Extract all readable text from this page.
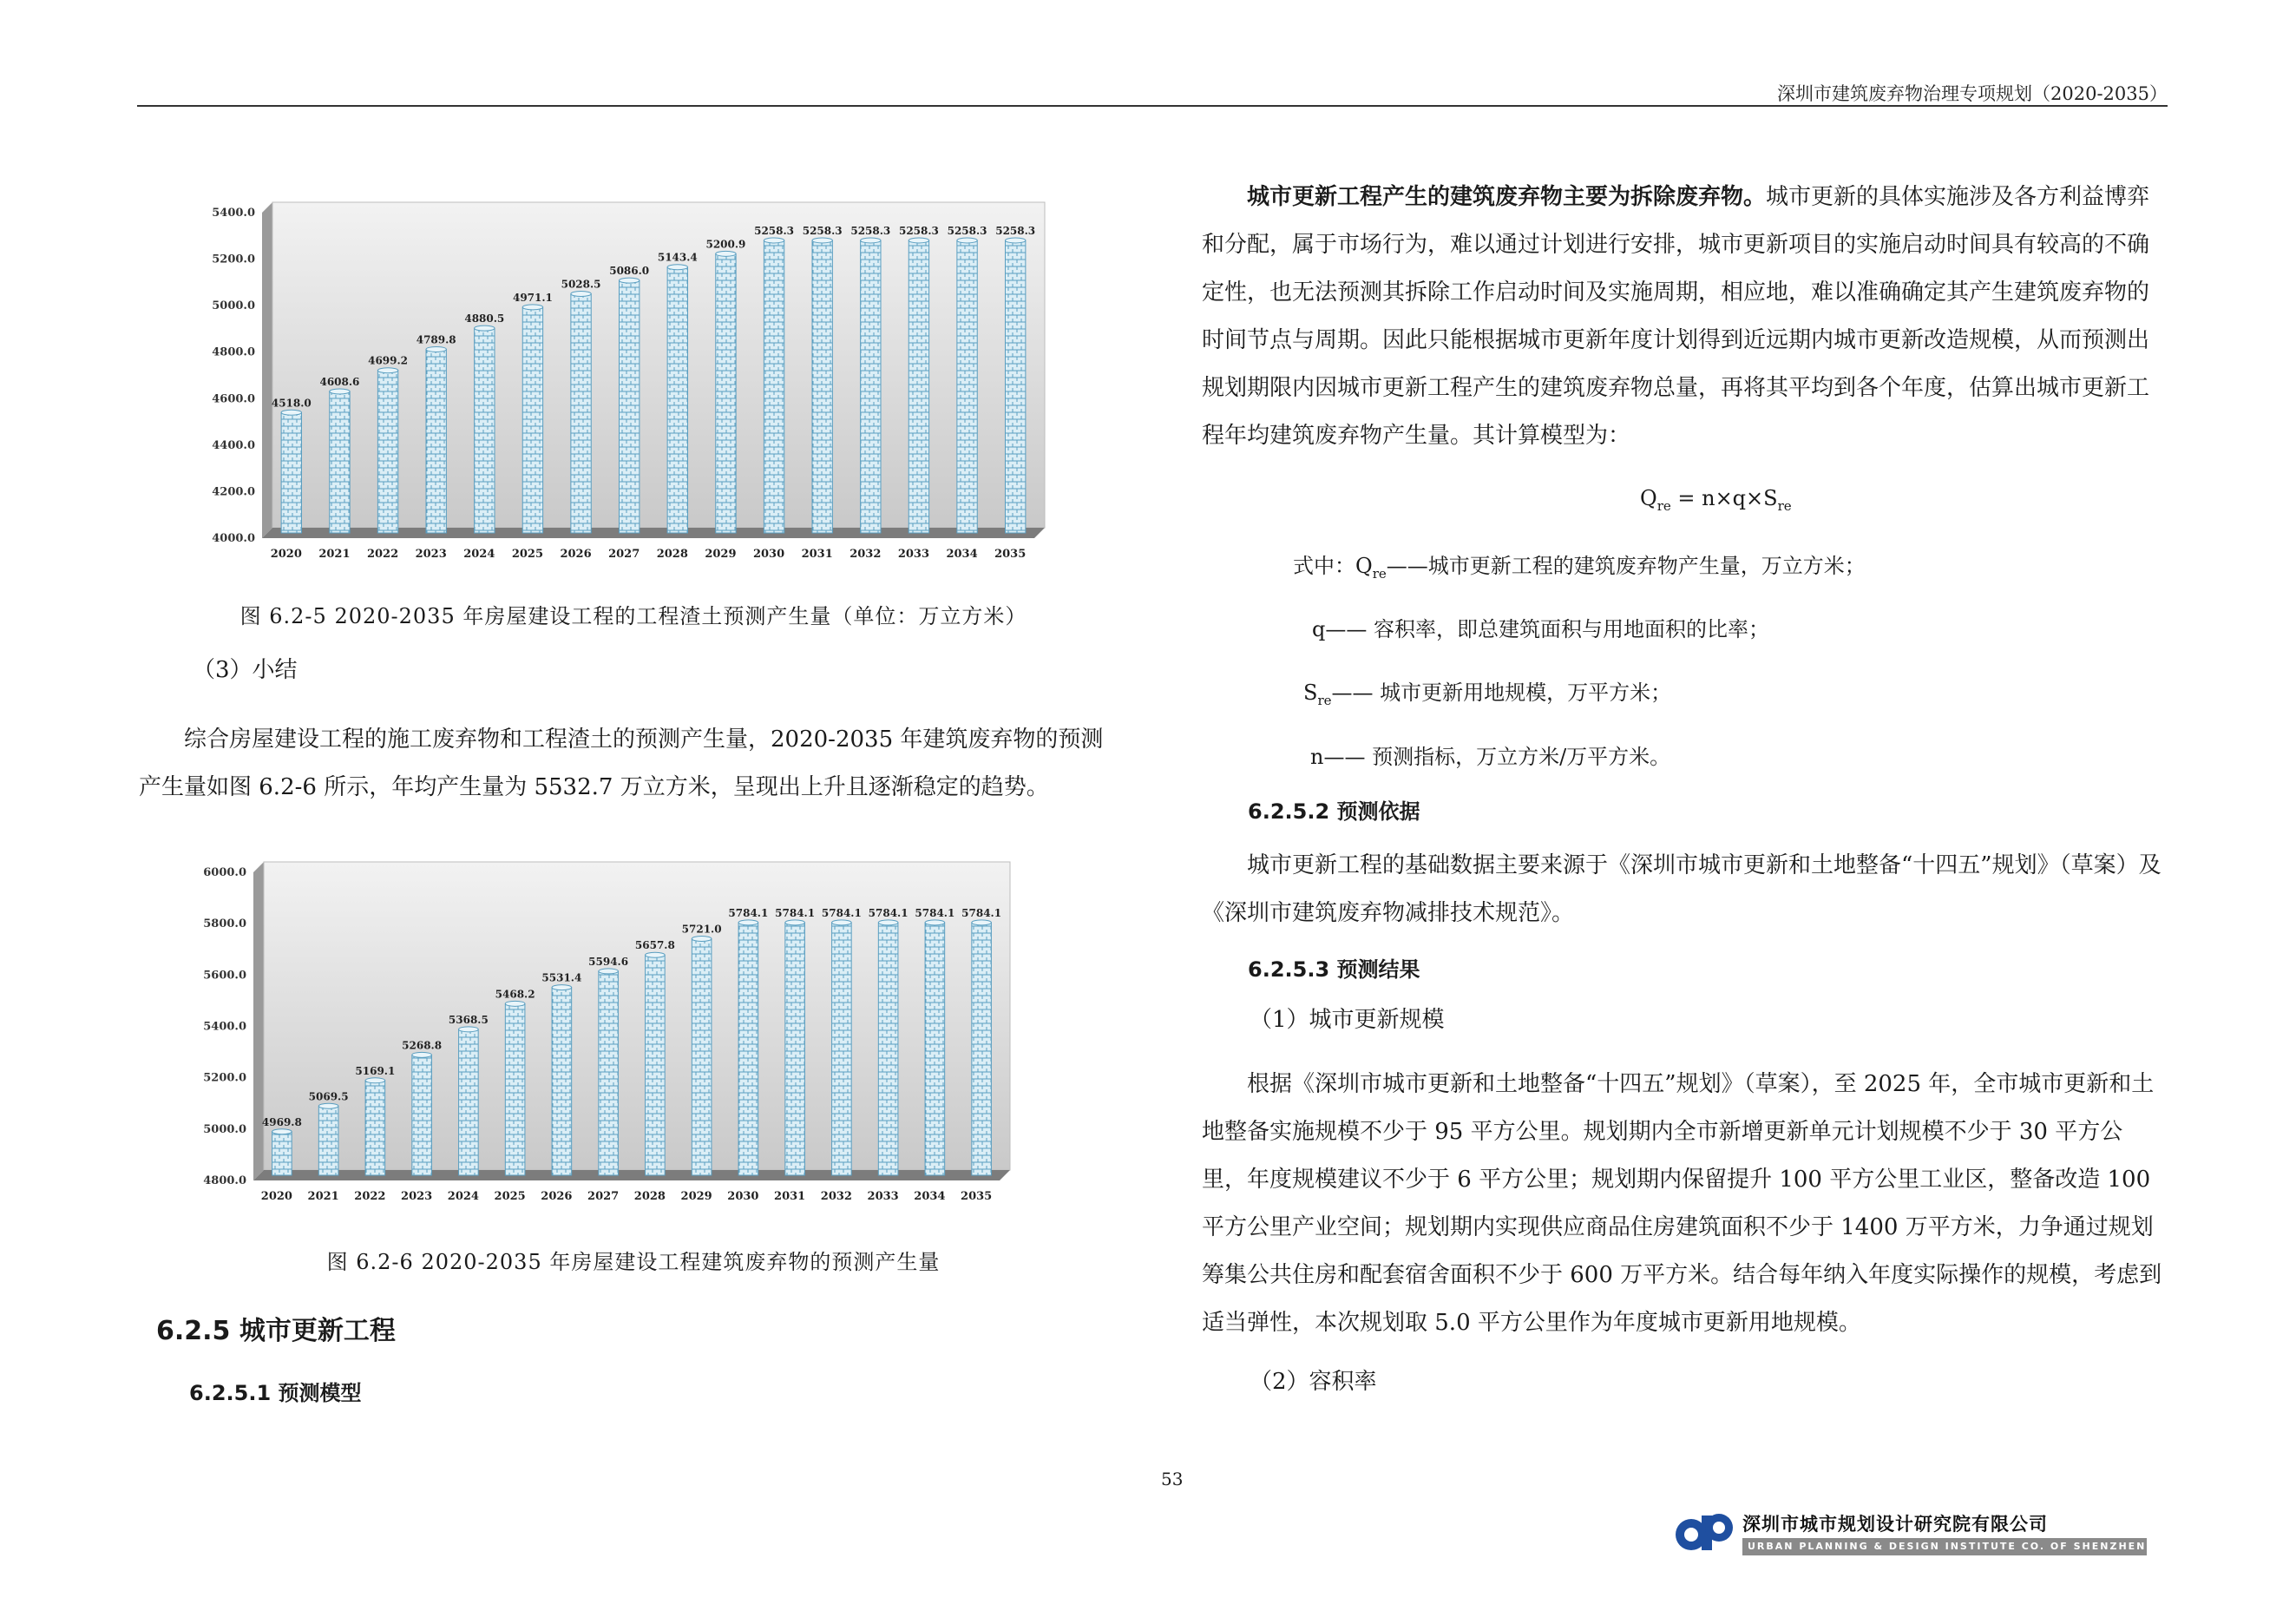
深圳市建筑废弃物治理专项规划（2020-2035）
4000.0
4200.0
4400.0
4600.0
4800.0
5000.0
5200.0
5400.0
4518.0
4608.6
4699.2
4789.8
4880.5
4971.1
5028.5
5086.0
5143.4
5200.9
5258.3 5258.3 5258.3 5258.3 5258.3 5258.3
2020 2021 2022 2023 2024 2025 2026 2027 2028 2029 2030 2031 2032 2033 2034 2035
图 6.2-5 2020-2035 年房屋建设工程的工程渣土预测产生量（单位：万立方米）
（3）小结

综合房屋建设工程的施工废弃物和工程渣土的预测产生量，2020-2035 年建筑废弃物的预测产生量如图 6.2-6 所示，年均产生量为 5532.7 万立方米，呈现出上升且逐渐稳定的趋势。

4800.0
5000.0
5200.0
5400.0
5600.0
5800.0
6000.0
4969.8
5069.5
5169.1
5268.8
5368.5
5468.2
5531.4
5594.6
5657.8
5721.0
5784.1 5784.1 5784.1 5784.1 5784.1 5784.1
2020 2021 2022 2023 2024 2025 2026 2027 2028 2029 2030 2031 2032 2033 2034 2035
图 6.2-6 2020-2035 年房屋建设工程建筑废弃物的预测产生量
6.2.5 城市更新工程
6.2.5.1 预测模型

城市更新工程产生的建筑废弃物主要为拆除废弃物。城市更新的具体实施涉及各方利益博弈和分配，属于市场行为，难以通过计划进行安排，城市更新项目的实施启动时间具有较高的不确定性，也无法预测其拆除工作启动时间及实施周期，相应地，难以准确确定其产生建筑废弃物的时间节点与周期。因此只能根据城市更新年度计划得到近远期内城市更新改造规模，从而预测出规划期限内因城市更新工程产生的建筑废弃物总量，再将其平均到各个年度，估算出城市更新工程年均建筑废弃物产生量。其计算模型为：

$Q_{re} = n\times q\times S_{re}$
式中：$Q_{re}——$城市更新工程的建筑废弃物产生量，万立方米；
q—— 容积率，即总建筑面积与用地面积的比率；
$S_{re}——$ 城市更新用地规模，万平方米；
n—— 预测指标，万立方米/万平方米。
6.2.5.2 预测依据

城市更新工程的基础数据主要来源于《深圳市城市更新和土地整备“十四五”规划》（草案）及《深圳市建筑废弃物减排技术规范》。

6.2.5.3 预测结果
（1）城市更新规模

根据《深圳市城市更新和土地整备“十四五”规划》（草案），至 2025 年，全市城市更新和土地整备实施规模不少于 95 平方公里。规划期内全市新增更新单元计划规模不少于 30 平方公里，年度规模建议不少于 6 平方公里；规划期内保留提升 100 平方公里工业区，整备改造 100 平方公里产业空间；规划期内实现供应商品住房建筑面积不少于 1400 万平方米，力争通过规划筹集公共住房和配套宿舍面积不少于 600 万平方米。结合每年纳入年度实际操作的规模，考虑到适当弹性，本次规划取 5.0 平方公里作为年度城市更新用地规模。

（2）容积率
53
深圳市城市规划设计研究院有限公司
URBAN PLANNING & DESIGN INSTITUTE CO. OF SHENZHEN
